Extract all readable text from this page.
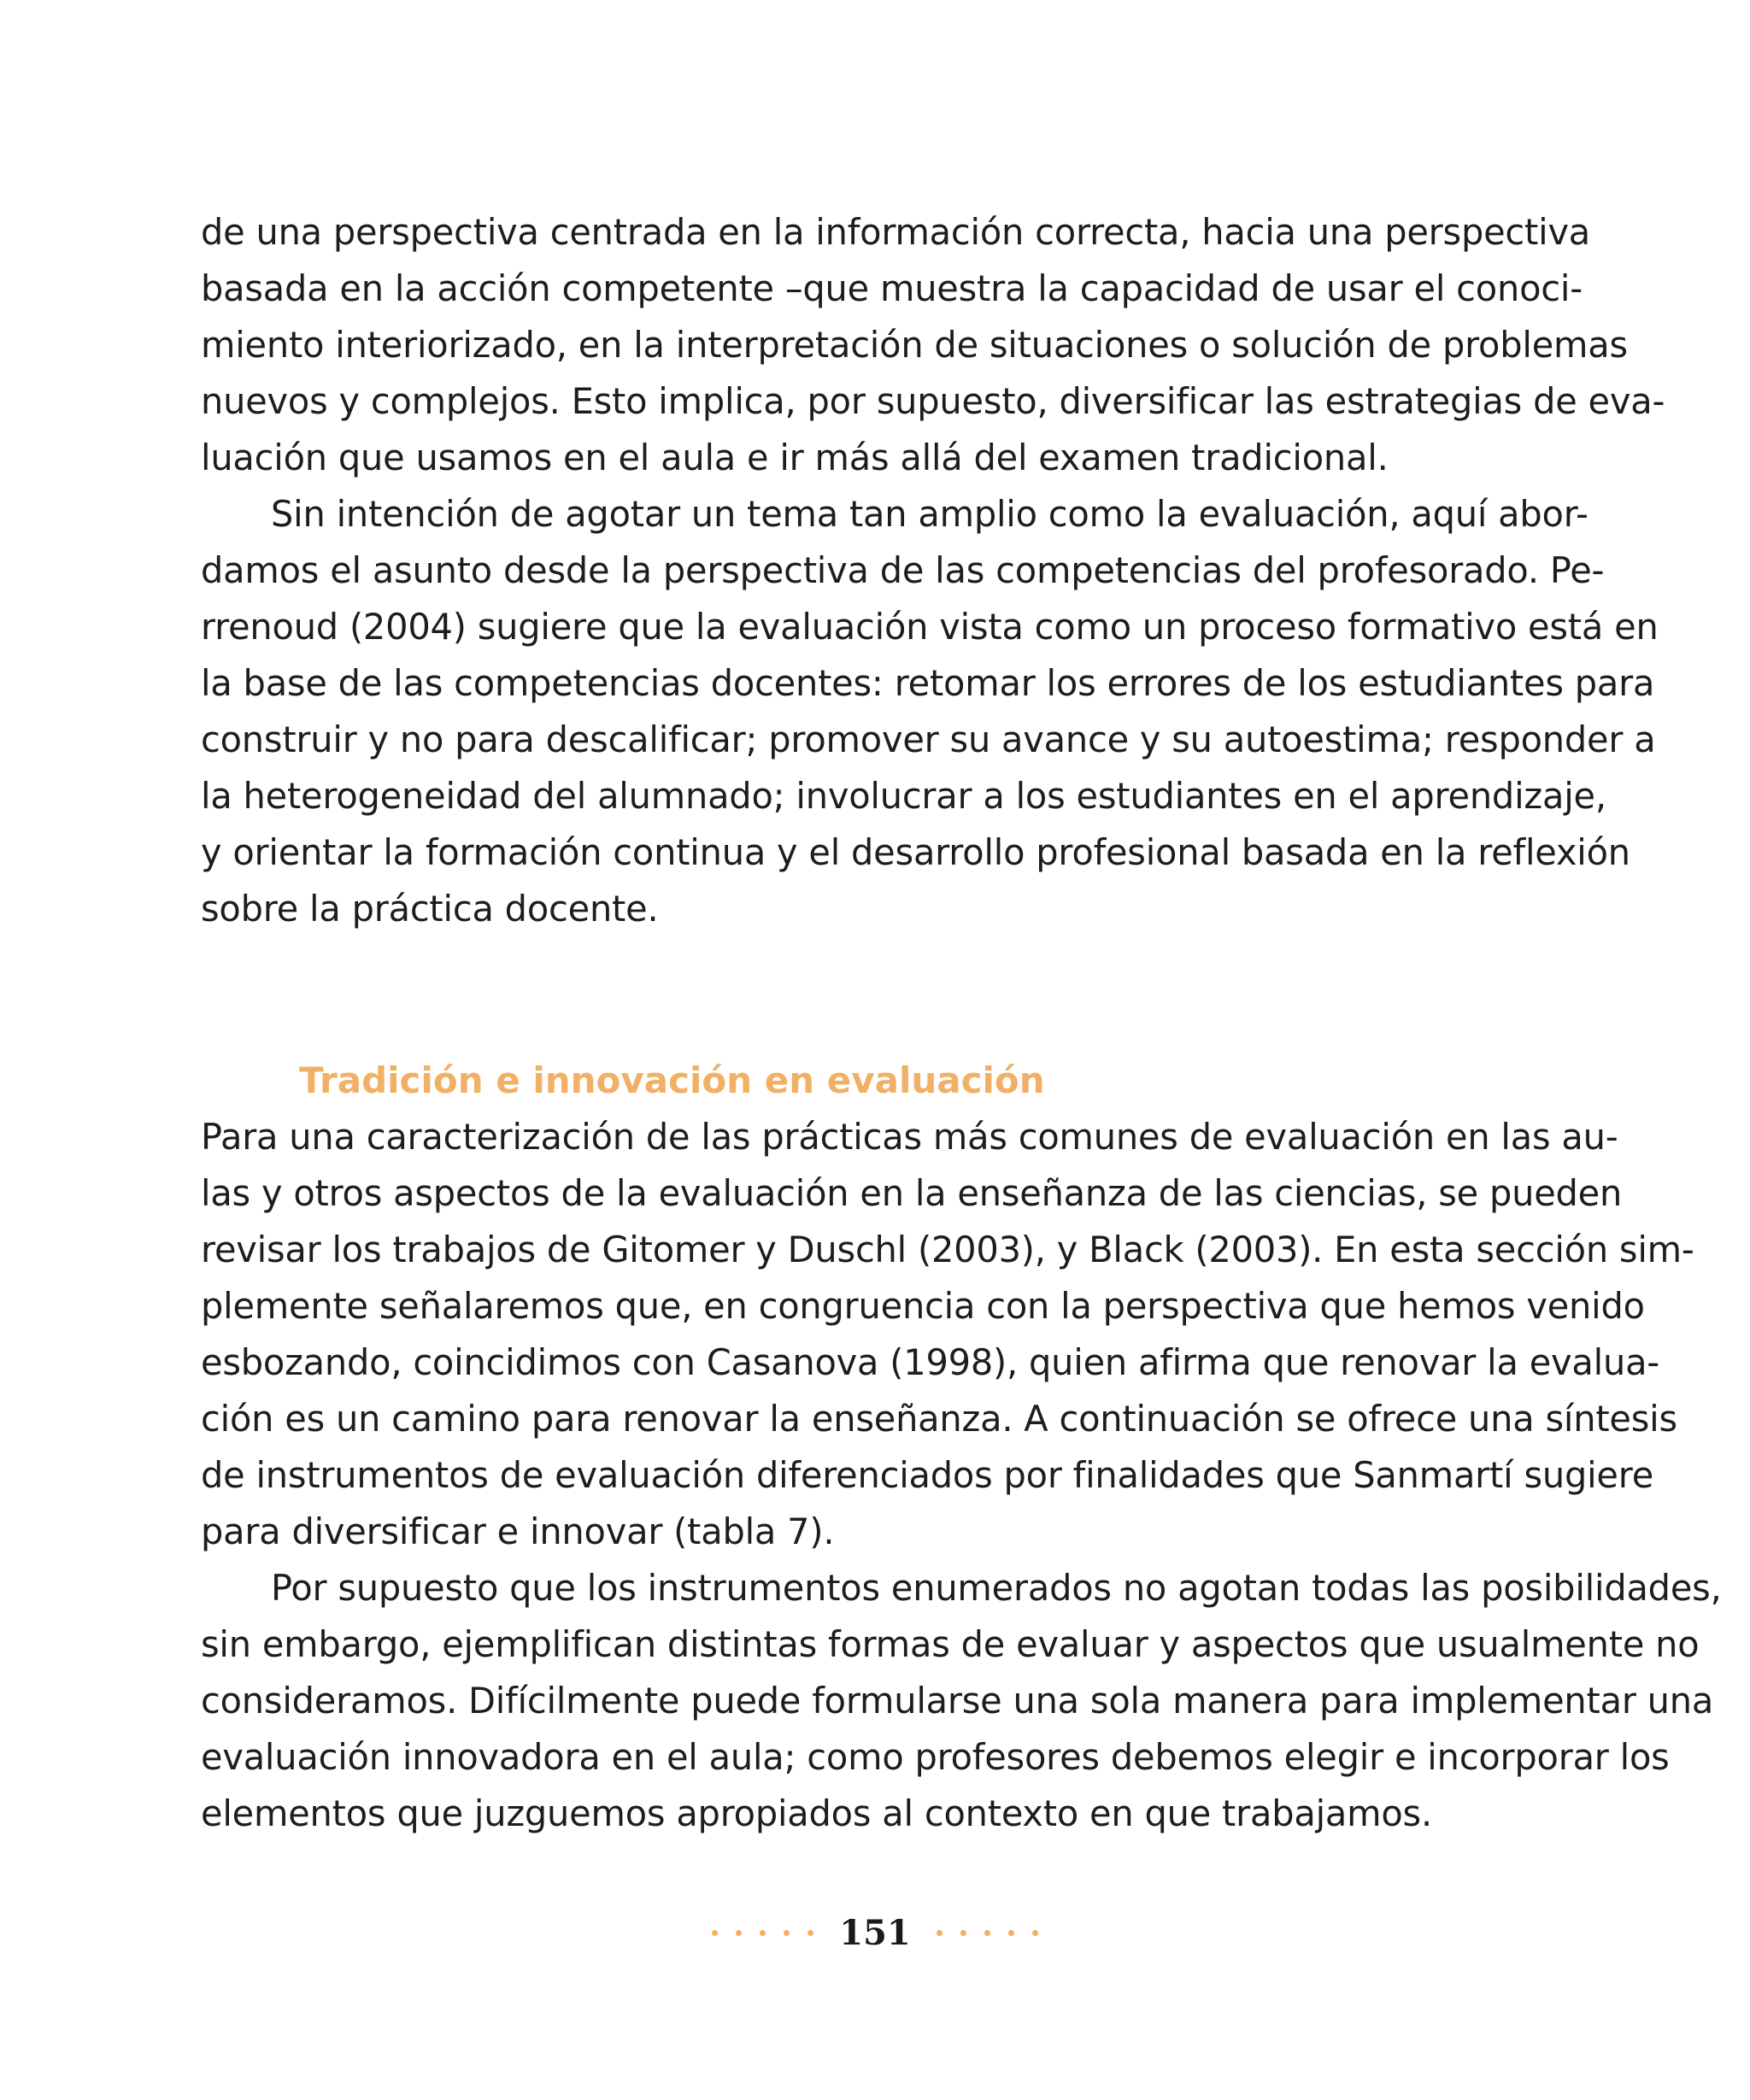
de una perspectiva centrada en la información correcta, hacia una perspectiva
basada en la acción competente –que muestra la capacidad de usar el conoci-
miento interiorizado, en la interpretación de situaciones o solución de problemas
nuevos y complejos. Esto implica, por supuesto, diversificar las estrategias de eva-
luación que usamos en el aula e ir más allá del examen tradicional.
Sin intención de agotar un tema tan amplio como la evaluación, aquí abor-
damos el asunto desde la perspectiva de las competencias del profesorado. Pe-
rrenoud (2004) sugiere que la evaluación vista como un proceso formativo está en
la base de las competencias docentes: retomar los errores de los estudiantes para
construir y no para descalificar; promover su avance y su autoestima; responder a
la heterogeneidad del alumnado; involucrar a los estudiantes en el aprendizaje,
y orientar la formación continua y el desarrollo profesional basada en la reflexión
sobre la práctica docente.
Tradición e innovación en evaluación
Para una caracterización de las prácticas más comunes de evaluación en las au-
las y otros aspectos de la evaluación en la enseñanza de las ciencias, se pueden
revisar los trabajos de Gitomer y Duschl (2003), y Black (2003). En esta sección sim-
plemente señalaremos que, en congruencia con la perspectiva que hemos venido
esbozando, coincidimos con Casanova (1998), quien afirma que renovar la evalua-
ción es un camino para renovar la enseñanza. A continuación se ofrece una síntesis
de instrumentos de evaluación diferenciados por finalidades que Sanmartí sugiere
para diversificar e innovar (tabla 7).
Por supuesto que los instrumentos enumerados no agotan todas las posibilidades,
sin embargo, ejemplifican distintas formas de evaluar y aspectos que usualmente no
consideramos. Difícilmente puede formularse una sola manera para implementar una
evaluación innovadora en el aula; como profesores debemos elegir e incorporar los
elementos que juzguemos apropiados al contexto en que trabajamos.
151
